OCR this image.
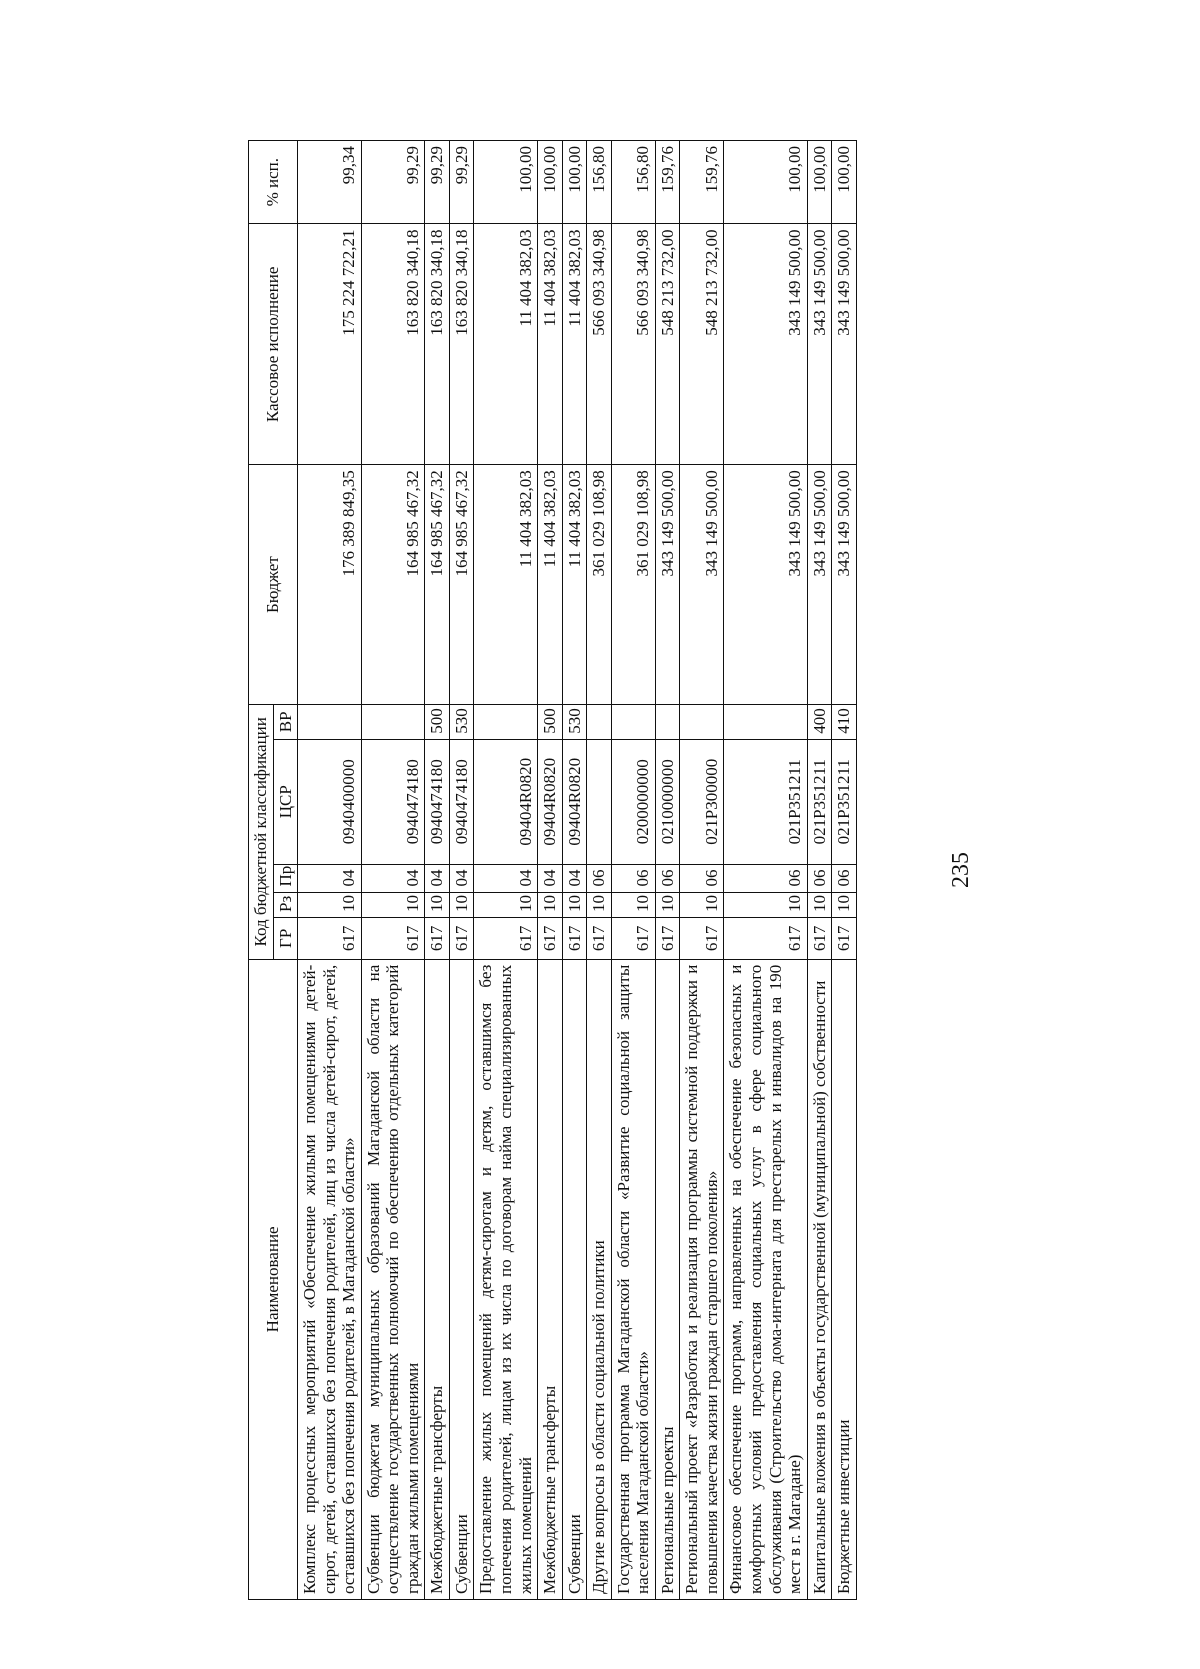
Наименование	Код бюджетной классификации					Бюджет	Кассовое исполнение	% исп.
	ГР	Рз	Пр	ЦСР	ВР			
Комплекс процессных мероприятий «Обеспечение жилыми помещениями детей-сирот, детей, оставшихся без попечения родителей, лиц из числа детей-сирот, детей, оставшихся без попечения родителей, в Магаданской области»	617	10	04	0940400000		176 389 849,35	175 224 722,21	99,34
Субвенции бюджетам муниципальных образований Магаданской области на осуществление государственных полномочий по обеспечению отдельных категорий граждан жилыми помещениями	617	10	04	0940474180		164 985 467,32	163 820 340,18	99,29
Межбюджетные трансферты	617	10	04	0940474180	500	164 985 467,32	163 820 340,18	99,29
Субвенции	617	10	04	0940474180	530	164 985 467,32	163 820 340,18	99,29
Предоставление жилых помещений детям-сиротам и детям, оставшимся без попечения родителей, лицам из их числа по договорам найма специализированных жилых помещений	617	10	04	09404R0820		11 404 382,03	11 404 382,03	100,00
Межбюджетные трансферты	617	10	04	09404R0820	500	11 404 382,03	11 404 382,03	100,00
Субвенции	617	10	04	09404R0820	530	11 404 382,03	11 404 382,03	100,00
Другие вопросы в области социальной политики	617	10	06			361 029 108,98	566 093 340,98	156,80
Государственная программа Магаданской области «Развитие социальной защиты населения Магаданской области»	617	10	06	0200000000		361 029 108,98	566 093 340,98	156,80
Региональные проекты	617	10	06	0210000000		343 149 500,00	548 213 732,00	159,76
Региональный проект «Разработка и реализация программы системной поддержки и повышения качества жизни граждан старшего поколения»	617	10	06	021P300000		343 149 500,00	548 213 732,00	159,76
Финансовое обеспечение программ, направленных на обеспечение безопасных и комфортных условий предоставления социальных услуг в сфере социального обслуживания (Строительство дома-интерната для престарелых и инвалидов на 190 мест в г. Магадане)	617	10	06	021P351211		343 149 500,00	343 149 500,00	100,00
Капитальные вложения в объекты государственной (муниципальной) собственности	617	10	06	021P351211	400	343 149 500,00	343 149 500,00	100,00
Бюджетные инвестиции	617	10	06	021P351211	410	343 149 500,00	343 149 500,00	100,00
235
